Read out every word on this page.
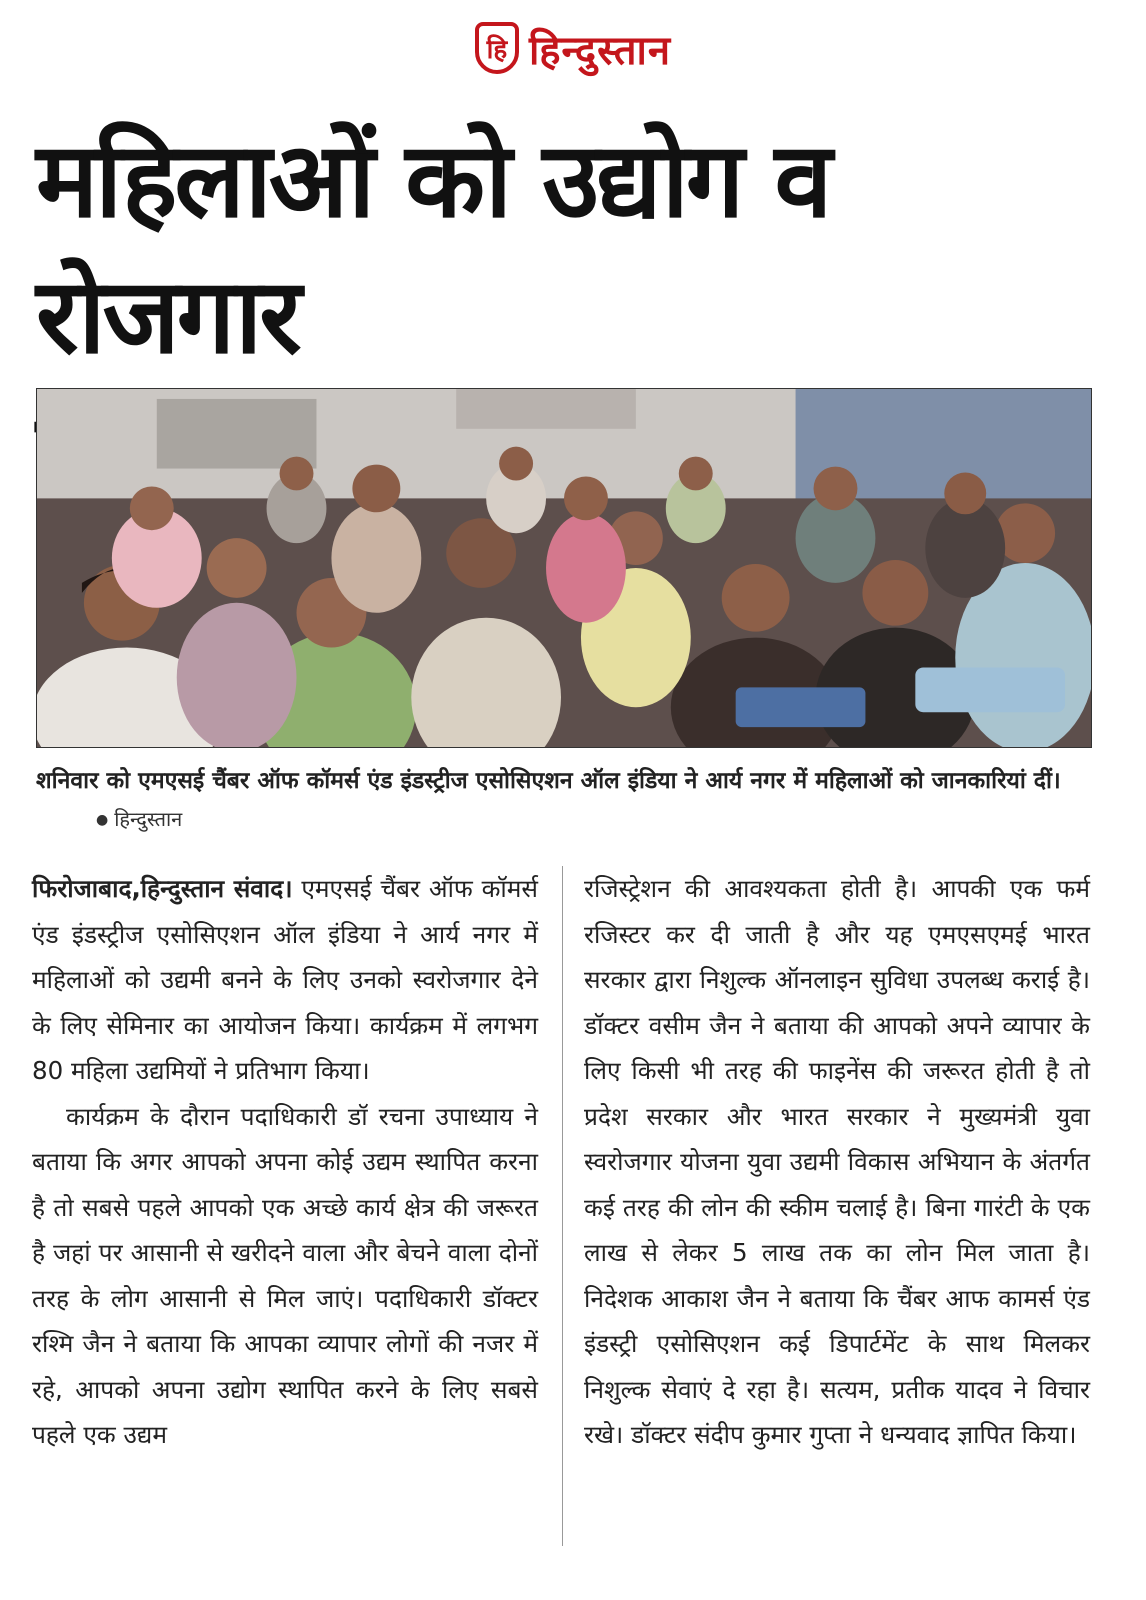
हि हिन्दुस्तान
महिलाओं को उद्योग व रोजगार
शनिवार को एमएसई चैंबर ऑफ कॉमर्स एंड इंडस्ट्रीज एसोसिएशन ऑल इंडिया ने आर्य नगर में महिलाओं को जानकारियां दीं। ● हिन्दुस्तान

फिरोजाबाद,हिन्दुस्तान संवाद। एमएसई चैंबर ऑफ कॉमर्स एंड इंडस्ट्रीज एसोसिएशन ऑल इंडिया ने आर्य नगर में महिलाओं को उद्यमी बनने के लिए उनको स्वरोजगार देने के लिए सेमिनार का आयोजन किया। कार्यक्रम में लगभग 80 महिला उद्यमियों ने प्रतिभाग किया।

कार्यक्रम के दौरान पदाधिकारी डॉ रचना उपाध्याय ने बताया कि अगर आपको अपना कोई उद्यम स्थापित करना है तो सबसे पहले आपको एक अच्छे कार्य क्षेत्र की जरूरत है जहां पर आसानी से खरीदने वाला और बेचने वाला दोनों तरह के लोग आसानी से मिल जाएं। पदाधिकारी डॉक्टर रश्मि जैन ने बताया कि आपका व्यापार लोगों की नजर में रहे, आपको अपना उद्योग स्थापित करने के लिए सबसे पहले एक उद्यम

रजिस्ट्रेशन की आवश्यकता होती है। आपकी एक फर्म रजिस्टर कर दी जाती है और यह एमएसएमई भारत सरकार द्वारा निशुल्क ऑनलाइन सुविधा उपलब्ध कराई है।डॉक्टर वसीम जैन ने बताया की आपको अपने व्यापार के लिए किसी भी तरह की फाइनेंस की जरूरत होती है तो प्रदेश सरकार और भारत सरकार ने मुख्यमंत्री युवा स्वरोजगार योजना युवा उद्यमी विकास अभियान के अंतर्गत कई तरह की लोन की स्कीम चलाई है। बिना गारंटी के एक लाख से लेकर 5 लाख तक का लोन मिल जाता है। निदेशक आकाश जैन ने बताया कि चैंबर आफ कामर्स एंड इंडस्ट्री एसोसिएशन कई डिपार्टमेंट के साथ मिलकर निशुल्क सेवाएं दे रहा है। सत्यम, प्रतीक यादव ने विचार रखे। डॉक्टर संदीप कुमार गुप्ता ने धन्यवाद ज्ञापित किया।
